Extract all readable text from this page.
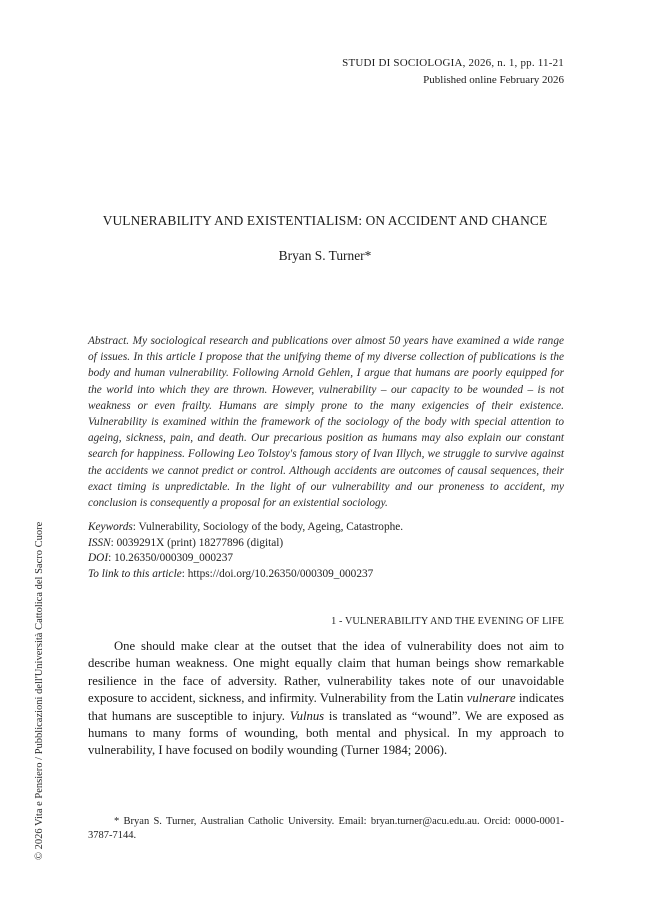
© 2026 Vita e Pensiero / Pubblicazioni dell'Università Cattolica del Sacro Cuore
STUDI DI SOCIOLOGIA, 2026, n. 1, pp. 11-21
Published online February 2026
VULNERABILITY AND EXISTENTIALISM: ON ACCIDENT AND CHANCE
Bryan S. Turner*
Abstract. My sociological research and publications over almost 50 years have examined a wide range of issues. In this article I propose that the unifying theme of my diverse collection of publications is the body and human vulnerability. Following Arnold Gehlen, I argue that humans are poorly equipped for the world into which they are thrown. However, vulnerability – our capacity to be wounded – is not weakness or even frailty. Humans are simply prone to the many exigencies of their existence. Vulnerability is examined within the framework of the sociology of the body with special attention to ageing, sickness, pain, and death. Our precarious position as humans may also explain our constant search for happiness. Following Leo Tolstoy's famous story of Ivan Illych, we struggle to survive against the accidents we cannot predict or control. Although accidents are outcomes of causal sequences, their exact timing is unpredictable. In the light of our vulnerability and our proneness to accident, my conclusion is consequently a proposal for an existential sociology.
Keywords: Vulnerability, Sociology of the body, Ageing, Catastrophe.
ISSN: 0039291X (print) 18277896 (digital)
DOI: 10.26350/000309_000237
To link to this article: https://doi.org/10.26350/000309_000237
1 - VULNERABILITY AND THE EVENING OF LIFE

One should make clear at the outset that the idea of vulnerability does not aim to describe human weakness. One might equally claim that human beings show remarkable resilience in the face of adversity. Rather, vulnerability takes note of our unavoidable exposure to accident, sickness, and infirmity. Vulnerability from the Latin vulnerare indicates that humans are susceptible to injury. Vulnus is translated as “wound”. We are exposed as humans to many forms of wounding, both mental and physical. In my approach to vulnerability, I have focused on bodily wounding (Turner 1984; 2006).

* Bryan S. Turner, Australian Catholic University. Email: bryan.turner@acu.edu.au. Orcid: 0000-0001-3787-7144.
